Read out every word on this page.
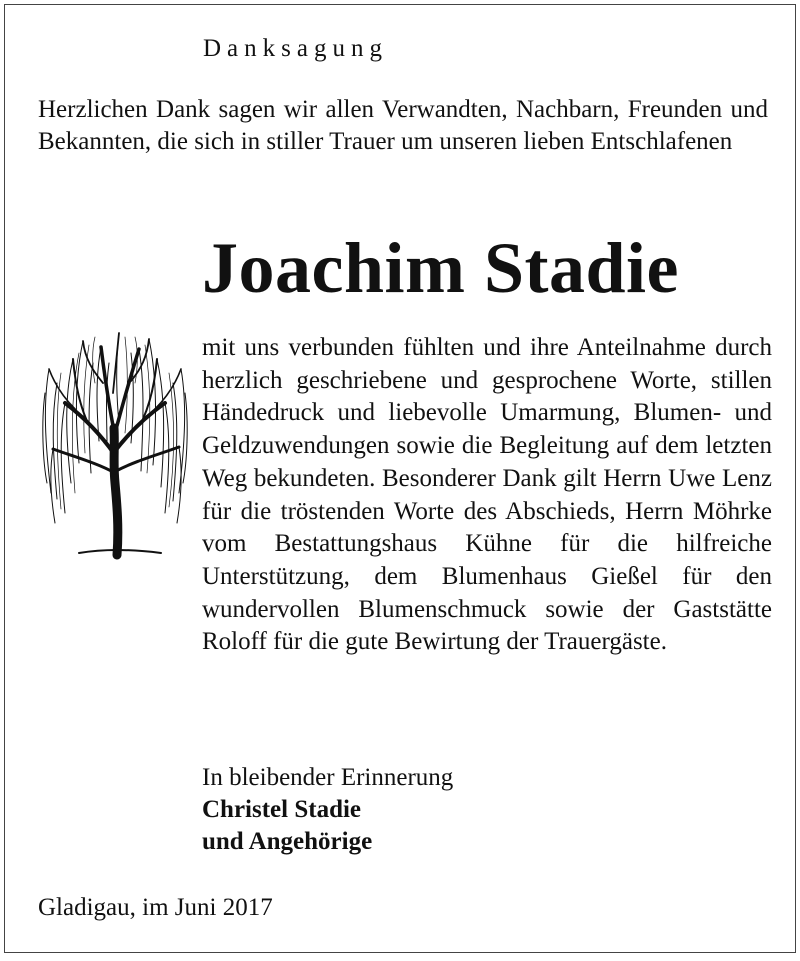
Danksagung

Herzlichen Dank sagen wir allen Verwandten, Nachbarn, Freunden und Bekannten, die sich in stiller Trauer um unseren lieben Entschlafenen

Joachim Stadie

mit uns verbunden fühlten und ihre Anteilnahme durch herzlich geschriebene und gesprochene Worte, stillen Händedruck und liebevolle Umarmung, Blumen- und Geldzuwendungen sowie die Begleitung auf dem letzten Weg bekundeten. Besonderer Dank gilt Herrn Uwe Lenz für die tröstenden Worte des Abschieds, Herrn Möhrke vom Bestattungshaus Kühne für die hilfreiche Unterstützung, dem Blumenhaus Gießel für den wundervollen Blumenschmuck sowie der Gaststätte Roloff für die gute Bewirtung der Trauergäste.

In bleibender Erinnerung
Christel Stadie
und Angehörige
Gladigau, im Juni 2017
